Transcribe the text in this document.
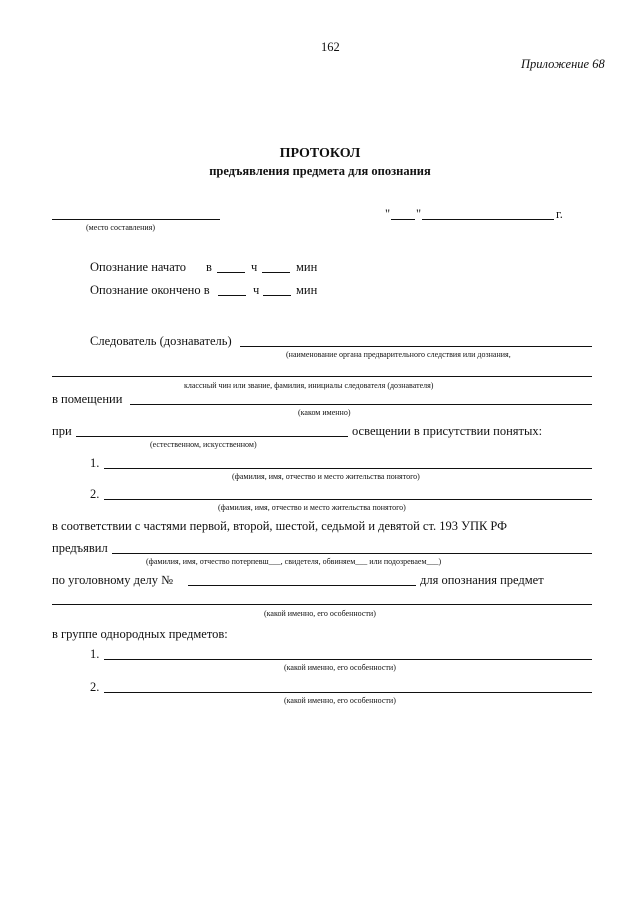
162
Приложение 68
ПРОТОКОЛ
предъявления предмета для опознания
(место составления)
" "	г.
Опознание начато в	ч	мин
Опознание окончено в	ч	мин
Следователь (дознаватель)
(наименование органа предварительного следствия или дознания,
классный чин или звание, фамилия, инициалы следователя (дознавателя)
в помещении
(каком именно)
при	освещении в присутствии понятых:
(естественном, искусственном)
1.
(фамилия, имя, отчество и место жительства понятого)
2.
(фамилия, имя, отчество и место жительства понятого)
в соответствии с частями первой, второй, шестой, седьмой и девятой ст. 193 УПК РФ
предъявил
(фамилия, имя, отчество потерпевш___, свидетеля, обвиняем___ или подозреваем___)
по уголовному делу №	для опознания предмет
(какой именно, его особенности)
в группе однородных предметов:
1.
(какой именно, его особенности)
2.
(какой именно, его особенности)
